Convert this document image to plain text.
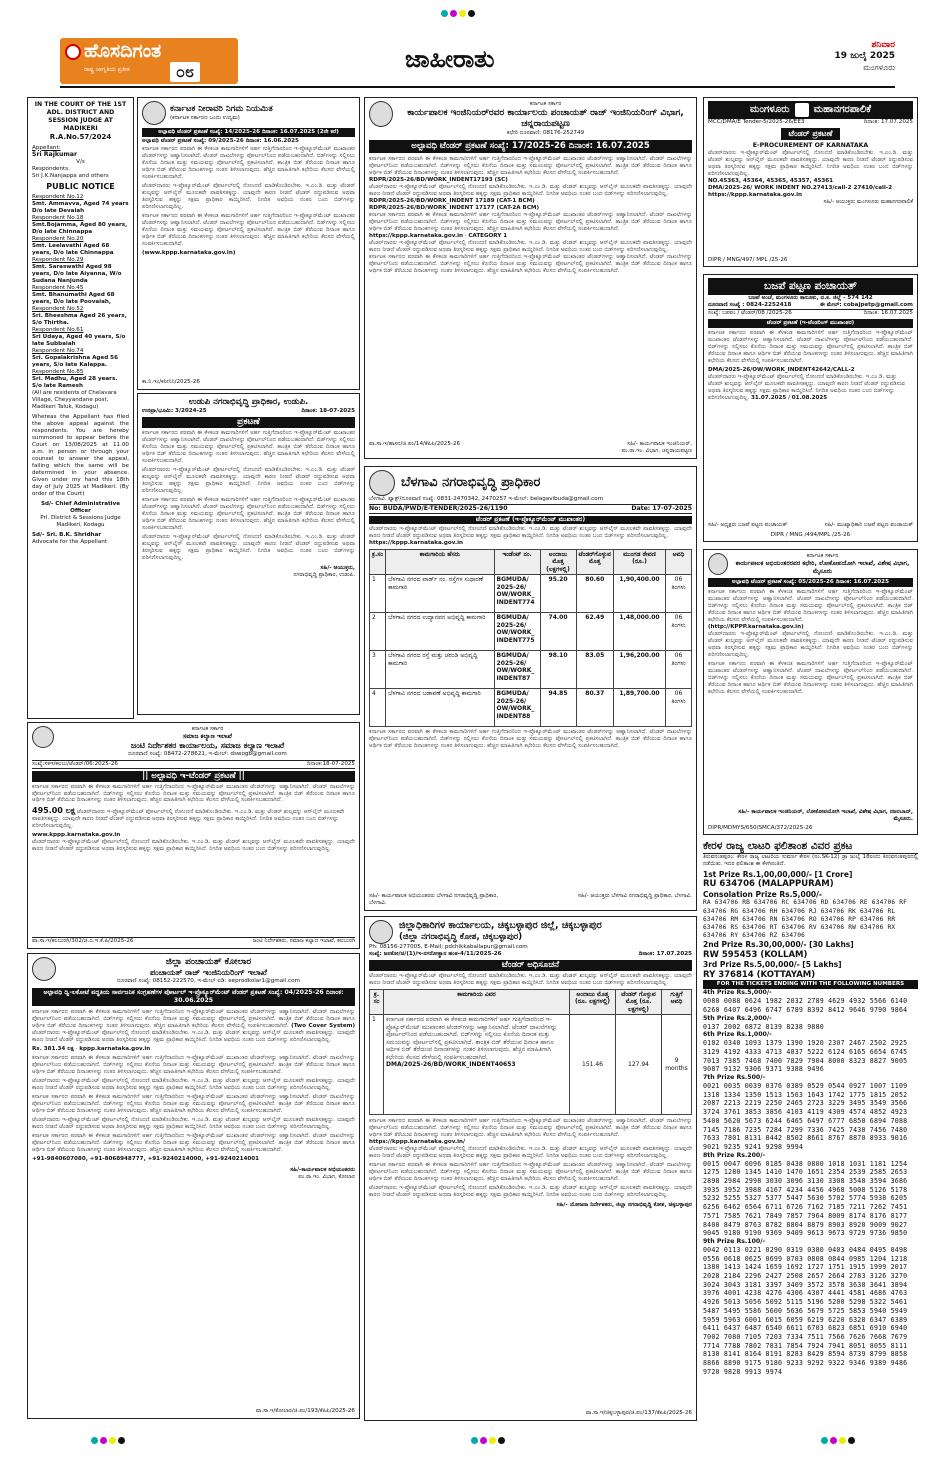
ಹೊಸದಿಗಂತ
ರಾಷ್ಟ್ರ ಜಾಗೃತಿಯ ಪ್ರತೀಕ	೦೮	ಜಾಹೀರಾತು	ಶನಿವಾರ
19 ಜುಲೈ 2025
ಮಂಗಳೂರು
IN THE COURT OF THE 1ST ADL. DISTRICT AND SESSION JUDGE AT MADIKERI
R.A.No.57/2024
Appellant:
Sri Rajkumar
V/s
Respondents.
Sri J.K.Nanjappa and others
PUBLIC NOTICE
Respondent No.12
Smt. Ammavva, Aged 74 years D/o late Devaiah
Respondent No.18
Smt.Bojamma, Aged 80 years, D/o late Chinnappa
Respondent No.20
Smt. Leelavathi Aged 68 years, D/o late Chinnappa
Respondent No.29
Smt. Saraswathi Aged 98 years, D/o late Aiyanna, W/o Sudana Nanjunda
Respondent No.45
Smt. Bhanumathi Aged 68 years, D/o late Poovaiah,
Respondent No.52
Sri. Bheeshma Aged 26 years, S/o Thirtha.
Respondent No.61
Sri Udaya, Aged 40 years, S/o late Subbaiah
Respondent No.74
Sri. Gopalakrishna Aged 56 years, S/o late Kalappa.
Respondent No.85
Sri. Madhu, Aged 28 years. S/o late Ramesh
(All are residents of Chelavara Village, Cheyyandane post, Madikeri Taluk, Kodagu)
Whereas the Appellant has filed the above appeal against the respondents. You are hereby summoned to appear before the Court on 13/08/2025 at 11.00 a.m. in person or through your counsel to answer the appeal, failing which the same will be determined in your absence. Given under my hand this 18th day of July 2025 at Madikeri. (By order of the Court)
Sd/- Chief Administrative Officer
Prl. District & Sessions Judge Madikeri, Kodagu
Sd/- Sri. B.K. Shridhar
Advocate for the Appellant
ಕರ್ನಾಟಕ ನೀರಾವರಿ ನಿಗಮ ನಿಯಮಿತ
(ಕರ್ನಾಟಕ ಸರ್ಕಾರದ ಒಂದು ಉದ್ಯಮ)
ಅಲ್ಪಾವಧಿ ಟೆಂಡರ್ ಪ್ರಕಟಣೆ ಸಂಖ್ಯೆ: 14/2025-26 ದಿನಾಂಕ: 16.07.2025 (2ನೇ ಕರೆ)
ಅಲ್ಪಾವಧಿ ಟೆಂಡರ್ ಪ್ರಕಟಣೆ ಸಂಖ್ಯೆ: 09/2025-26 ದಿನಾಂಕ: 16.06.2025
ಕರ್ನಾಟಕ ಸರ್ಕಾರದ ಪರವಾಗಿ ಈ ಕೆಳಕಂಡ ಕಾಮಗಾರಿಗಳಿಗೆ ಅರ್ಹ ಗುತ್ತಿಗೆದಾರರಿಂದ ಇ-ಪ್ರೊಕ್ಯೂರ್‌ಮೆಂಟ್ ಮುಖಾಂತರ ಟೆಂಡರ್‌ಗಳನ್ನು ಆಹ್ವಾನಿಸಲಾಗಿದೆ. ಟೆಂಡರ್ ದಾಖಲೆಗಳನ್ನು ಪೋರ್ಟಲ್‌ನಿಂದ ಪಡೆಯಬಹುದಾಗಿದೆ. ಬಿಡ್‌ಗಳನ್ನು ಸಲ್ಲಿಸಲು ಕೊನೆಯ ದಿನಾಂಕ ಮತ್ತು ಸಮಯವನ್ನು ಪೋರ್ಟಲ್‌ನಲ್ಲಿ ಪ್ರಕಟಿಸಲಾಗಿದೆ. ತಾಂತ್ರಿಕ ಬಿಡ್ ತೆರೆಯುವ ದಿನಾಂಕ ಹಾಗೂ ಆರ್ಥಿಕ ಬಿಡ್ ತೆರೆಯುವ ದಿನಾಂಕಗಳನ್ನು ನಂತರ ತಿಳಿಸಲಾಗುವುದು. ಹೆಚ್ಚಿನ ಮಾಹಿತಿಗಾಗಿ ಕಛೇರಿಯ ಕೆಲಸದ ವೇಳೆಯಲ್ಲಿ ಸಂಪರ್ಕಿಸಬಹುದಾಗಿದೆ.
ಟೆಂಡರ್‌ದಾರರು ಇ-ಪ್ರೊಕ್ಯೂರ್‌ಮೆಂಟ್ ಪೋರ್ಟಲ್‌ನಲ್ಲಿ ನೋಂದಣಿ ಮಾಡಿಕೊಂಡಿರಬೇಕು. ಇ.ಎಂ.ಡಿ. ಮತ್ತು ಟೆಂಡರ್ ಶುಲ್ಕವನ್ನು ಆನ್‌ಲೈನ್ ಮೂಲಕವೇ ಪಾವತಿಸತಕ್ಕದ್ದು. ಯಾವುದೇ ಕಾರಣ ನೀಡದೆ ಟೆಂಡರ್ ರದ್ದುಪಡಿಸುವ ಅಥವಾ ತಿರಸ್ಕರಿಸುವ ಹಕ್ಕನ್ನು ಸಕ್ಷಮ ಪ್ರಾಧಿಕಾರ ಕಾಯ್ದಿರಿಸಿದೆ. ನಿಗದಿತ ಅವಧಿಯ ನಂತರ ಬಂದ ಬಿಡ್‌ಗಳನ್ನು ಪರಿಗಣಿಸಲಾಗುವುದಿಲ್ಲ.
ಕರ್ನಾಟಕ ಸರ್ಕಾರದ ಪರವಾಗಿ ಈ ಕೆಳಕಂಡ ಕಾಮಗಾರಿಗಳಿಗೆ ಅರ್ಹ ಗುತ್ತಿಗೆದಾರರಿಂದ ಇ-ಪ್ರೊಕ್ಯೂರ್‌ಮೆಂಟ್ ಮುಖಾಂತರ ಟೆಂಡರ್‌ಗಳನ್ನು ಆಹ್ವಾನಿಸಲಾಗಿದೆ. ಟೆಂಡರ್ ದಾಖಲೆಗಳನ್ನು ಪೋರ್ಟಲ್‌ನಿಂದ ಪಡೆಯಬಹುದಾಗಿದೆ. ಬಿಡ್‌ಗಳನ್ನು ಸಲ್ಲಿಸಲು ಕೊನೆಯ ದಿನಾಂಕ ಮತ್ತು ಸಮಯವನ್ನು ಪೋರ್ಟಲ್‌ನಲ್ಲಿ ಪ್ರಕಟಿಸಲಾಗಿದೆ. ತಾಂತ್ರಿಕ ಬಿಡ್ ತೆರೆಯುವ ದಿನಾಂಕ ಹಾಗೂ ಆರ್ಥಿಕ ಬಿಡ್ ತೆರೆಯುವ ದಿನಾಂಕಗಳನ್ನು ನಂತರ ತಿಳಿಸಲಾಗುವುದು. ಹೆಚ್ಚಿನ ಮಾಹಿತಿಗಾಗಿ ಕಛೇರಿಯ ಕೆಲಸದ ವೇಳೆಯಲ್ಲಿ ಸಂಪರ್ಕಿಸಬಹುದಾಗಿದೆ.
(www.kppp.karnataka.gov.in)
ಕಾ.ನಿ.ಇಂ/ಕನೀನಿನಿ/2025-26
ಉಡುಪಿ ನಗರಾಭಿವೃದ್ಧಿ ಪ್ರಾಧಿಕಾರ, ಉಡುಪಿ.
ಉನಪ್ರಾ/ಭೂಮಿ: 3/2024-25	ದಿನಾಂಕ: 18-07-2025
ಪ್ರಕಟಣೆ
ಕರ್ನಾಟಕ ಸರ್ಕಾರದ ಪರವಾಗಿ ಈ ಕೆಳಕಂಡ ಕಾಮಗಾರಿಗಳಿಗೆ ಅರ್ಹ ಗುತ್ತಿಗೆದಾರರಿಂದ ಇ-ಪ್ರೊಕ್ಯೂರ್‌ಮೆಂಟ್ ಮುಖಾಂತರ ಟೆಂಡರ್‌ಗಳನ್ನು ಆಹ್ವಾನಿಸಲಾಗಿದೆ. ಟೆಂಡರ್ ದಾಖಲೆಗಳನ್ನು ಪೋರ್ಟಲ್‌ನಿಂದ ಪಡೆಯಬಹುದಾಗಿದೆ. ಬಿಡ್‌ಗಳನ್ನು ಸಲ್ಲಿಸಲು ಕೊನೆಯ ದಿನಾಂಕ ಮತ್ತು ಸಮಯವನ್ನು ಪೋರ್ಟಲ್‌ನಲ್ಲಿ ಪ್ರಕಟಿಸಲಾಗಿದೆ. ತಾಂತ್ರಿಕ ಬಿಡ್ ತೆರೆಯುವ ದಿನಾಂಕ ಹಾಗೂ ಆರ್ಥಿಕ ಬಿಡ್ ತೆರೆಯುವ ದಿನಾಂಕಗಳನ್ನು ನಂತರ ತಿಳಿಸಲಾಗುವುದು. ಹೆಚ್ಚಿನ ಮಾಹಿತಿಗಾಗಿ ಕಛೇರಿಯ ಕೆಲಸದ ವೇಳೆಯಲ್ಲಿ ಸಂಪರ್ಕಿಸಬಹುದಾಗಿದೆ.
ಟೆಂಡರ್‌ದಾರರು ಇ-ಪ್ರೊಕ್ಯೂರ್‌ಮೆಂಟ್ ಪೋರ್ಟಲ್‌ನಲ್ಲಿ ನೋಂದಣಿ ಮಾಡಿಕೊಂಡಿರಬೇಕು. ಇ.ಎಂ.ಡಿ. ಮತ್ತು ಟೆಂಡರ್ ಶುಲ್ಕವನ್ನು ಆನ್‌ಲೈನ್ ಮೂಲಕವೇ ಪಾವತಿಸತಕ್ಕದ್ದು. ಯಾವುದೇ ಕಾರಣ ನೀಡದೆ ಟೆಂಡರ್ ರದ್ದುಪಡಿಸುವ ಅಥವಾ ತಿರಸ್ಕರಿಸುವ ಹಕ್ಕನ್ನು ಸಕ್ಷಮ ಪ್ರಾಧಿಕಾರ ಕಾಯ್ದಿರಿಸಿದೆ. ನಿಗದಿತ ಅವಧಿಯ ನಂತರ ಬಂದ ಬಿಡ್‌ಗಳನ್ನು ಪರಿಗಣಿಸಲಾಗುವುದಿಲ್ಲ.
ಕರ್ನಾಟಕ ಸರ್ಕಾರದ ಪರವಾಗಿ ಈ ಕೆಳಕಂಡ ಕಾಮಗಾರಿಗಳಿಗೆ ಅರ್ಹ ಗುತ್ತಿಗೆದಾರರಿಂದ ಇ-ಪ್ರೊಕ್ಯೂರ್‌ಮೆಂಟ್ ಮುಖಾಂತರ ಟೆಂಡರ್‌ಗಳನ್ನು ಆಹ್ವಾನಿಸಲಾಗಿದೆ. ಟೆಂಡರ್ ದಾಖಲೆಗಳನ್ನು ಪೋರ್ಟಲ್‌ನಿಂದ ಪಡೆಯಬಹುದಾಗಿದೆ. ಬಿಡ್‌ಗಳನ್ನು ಸಲ್ಲಿಸಲು ಕೊನೆಯ ದಿನಾಂಕ ಮತ್ತು ಸಮಯವನ್ನು ಪೋರ್ಟಲ್‌ನಲ್ಲಿ ಪ್ರಕಟಿಸಲಾಗಿದೆ. ತಾಂತ್ರಿಕ ಬಿಡ್ ತೆರೆಯುವ ದಿನಾಂಕ ಹಾಗೂ ಆರ್ಥಿಕ ಬಿಡ್ ತೆರೆಯುವ ದಿನಾಂಕಗಳನ್ನು ನಂತರ ತಿಳಿಸಲಾಗುವುದು. ಹೆಚ್ಚಿನ ಮಾಹಿತಿಗಾಗಿ ಕಛೇರಿಯ ಕೆಲಸದ ವೇಳೆಯಲ್ಲಿ ಸಂಪರ್ಕಿಸಬಹುದಾಗಿದೆ.
ಟೆಂಡರ್‌ದಾರರು ಇ-ಪ್ರೊಕ್ಯೂರ್‌ಮೆಂಟ್ ಪೋರ್ಟಲ್‌ನಲ್ಲಿ ನೋಂದಣಿ ಮಾಡಿಕೊಂಡಿರಬೇಕು. ಇ.ಎಂ.ಡಿ. ಮತ್ತು ಟೆಂಡರ್ ಶುಲ್ಕವನ್ನು ಆನ್‌ಲೈನ್ ಮೂಲಕವೇ ಪಾವತಿಸತಕ್ಕದ್ದು. ಯಾವುದೇ ಕಾರಣ ನೀಡದೆ ಟೆಂಡರ್ ರದ್ದುಪಡಿಸುವ ಅಥವಾ ತಿರಸ್ಕರಿಸುವ ಹಕ್ಕನ್ನು ಸಕ್ಷಮ ಪ್ರಾಧಿಕಾರ ಕಾಯ್ದಿರಿಸಿದೆ. ನಿಗದಿತ ಅವಧಿಯ ನಂತರ ಬಂದ ಬಿಡ್‌ಗಳನ್ನು ಪರಿಗಣಿಸಲಾಗುವುದಿಲ್ಲ.
ಸಹಿ/- ಆಯುಕ್ತರು,
ನಗರಾಭಿವೃದ್ಧಿ ಪ್ರಾಧಿಕಾರ, ಉಡುಪಿ.
ಕರ್ನಾಟಕ ಸರ್ಕಾರ
ಸಮಾಜ ಕಲ್ಯಾಣ ಇಲಾಖೆ
ಜಂಟಿ ನಿರ್ದೇಶಕರ ಕಾರ್ಯಾಲಯ, ಸಮಾಜ ಕಲ್ಯಾಣ ಇಲಾಖೆ
ದೂರವಾಣಿ ಸಂಖ್ಯೆ: 08472-278621, ಇ-ಮೇಲ್: dswogb@gmail.com
ಸಂಖ್ಯೆ:ಸಕಇ/ಕಲಬು/ಟೆಂಡರ್/06:2025-26	ದಿನಾಂಕ:18-07-2025
|| ಅಲ್ಪಾವಧಿ ಇ-ಟೆಂಡರ್ ಪ್ರಕಟಣೆ ||
ಕರ್ನಾಟಕ ಸರ್ಕಾರದ ಪರವಾಗಿ ಈ ಕೆಳಕಂಡ ಕಾಮಗಾರಿಗಳಿಗೆ ಅರ್ಹ ಗುತ್ತಿಗೆದಾರರಿಂದ ಇ-ಪ್ರೊಕ್ಯೂರ್‌ಮೆಂಟ್ ಮುಖಾಂತರ ಟೆಂಡರ್‌ಗಳನ್ನು ಆಹ್ವಾನಿಸಲಾಗಿದೆ. ಟೆಂಡರ್ ದಾಖಲೆಗಳನ್ನು ಪೋರ್ಟಲ್‌ನಿಂದ ಪಡೆಯಬಹುದಾಗಿದೆ. ಬಿಡ್‌ಗಳನ್ನು ಸಲ್ಲಿಸಲು ಕೊನೆಯ ದಿನಾಂಕ ಮತ್ತು ಸಮಯವನ್ನು ಪೋರ್ಟಲ್‌ನಲ್ಲಿ ಪ್ರಕಟಿಸಲಾಗಿದೆ. ತಾಂತ್ರಿಕ ಬಿಡ್ ತೆರೆಯುವ ದಿನಾಂಕ ಹಾಗೂ ಆರ್ಥಿಕ ಬಿಡ್ ತೆರೆಯುವ ದಿನಾಂಕಗಳನ್ನು ನಂತರ ತಿಳಿಸಲಾಗುವುದು. ಹೆಚ್ಚಿನ ಮಾಹಿತಿಗಾಗಿ ಕಛೇರಿಯ ಕೆಲಸದ ವೇಳೆಯಲ್ಲಿ ಸಂಪರ್ಕಿಸಬಹುದಾಗಿದೆ.
495.00 ಲಕ್ಷ ಟೆಂಡರ್‌ದಾರರು ಇ-ಪ್ರೊಕ್ಯೂರ್‌ಮೆಂಟ್ ಪೋರ್ಟಲ್‌ನಲ್ಲಿ ನೋಂದಣಿ ಮಾಡಿಕೊಂಡಿರಬೇಕು. ಇ.ಎಂ.ಡಿ. ಮತ್ತು ಟೆಂಡರ್ ಶುಲ್ಕವನ್ನು ಆನ್‌ಲೈನ್ ಮೂಲಕವೇ ಪಾವತಿಸತಕ್ಕದ್ದು. ಯಾವುದೇ ಕಾರಣ ನೀಡದೆ ಟೆಂಡರ್ ರದ್ದುಪಡಿಸುವ ಅಥವಾ ತಿರಸ್ಕರಿಸುವ ಹಕ್ಕನ್ನು ಸಕ್ಷಮ ಪ್ರಾಧಿಕಾರ ಕಾಯ್ದಿರಿಸಿದೆ. ನಿಗದಿತ ಅವಧಿಯ ನಂತರ ಬಂದ ಬಿಡ್‌ಗಳನ್ನು ಪರಿಗಣಿಸಲಾಗುವುದಿಲ್ಲ.
www.kppp.karnataka.gov.in
ಟೆಂಡರ್‌ದಾರರು ಇ-ಪ್ರೊಕ್ಯೂರ್‌ಮೆಂಟ್ ಪೋರ್ಟಲ್‌ನಲ್ಲಿ ನೋಂದಣಿ ಮಾಡಿಕೊಂಡಿರಬೇಕು. ಇ.ಎಂ.ಡಿ. ಮತ್ತು ಟೆಂಡರ್ ಶುಲ್ಕವನ್ನು ಆನ್‌ಲೈನ್ ಮೂಲಕವೇ ಪಾವತಿಸತಕ್ಕದ್ದು. ಯಾವುದೇ ಕಾರಣ ನೀಡದೆ ಟೆಂಡರ್ ರದ್ದುಪಡಿಸುವ ಅಥವಾ ತಿರಸ್ಕರಿಸುವ ಹಕ್ಕನ್ನು ಸಕ್ಷಮ ಪ್ರಾಧಿಕಾರ ಕಾಯ್ದಿರಿಸಿದೆ. ನಿಗದಿತ ಅವಧಿಯ ನಂತರ ಬಂದ ಬಿಡ್‌ಗಳನ್ನು ಪರಿಗಣಿಸಲಾಗುವುದಿಲ್ಲ.
ವಾ.ಸಾ.ಇ/ಕಲಬುರಗಿ/302/ಜಿ.ಎ.ಇ.ಕೆ.ಪಿ/2025-26	ಜಂಟಿ ನಿರ್ದೇಶಕರು, ಸಮಾಜ ಕಲ್ಯಾಣ ಇಲಾಖೆ, ಕಲಬುರಗಿ
ಜಿಲ್ಲಾ ಪಂಚಾಯತ್ ಕೋಲಾರ
ಪಂಚಾಯತ್ ರಾಜ್ ಇಂಜಿನಿಯರಿಂಗ್ ಇಲಾಖೆ
ದೂರವಾಣಿ ಸಂಖ್ಯೆ: 08152-222570, ಇ-ಮೇಲ್ ಐಡಿ: eeprodkolar1@gmail.com
ಅಲ್ಪಾವಧಿ ದ್ವಿ-ಲಕೋಟೆ ಪದ್ಧತಿಯ ಸಾರ್ವಜನಿಕ ಸಂಗ್ರಹಣೆಗಳ ಪೋರ್ಟಲ್ ಇ-ಪ್ರೊಕ್ಯೂರ್‌ಮೆಂಟ್ ಟೆಂಡರ್ ಪ್ರಕಟಣೆ ಸಂಖ್ಯೆ: 04/2025-26 ದಿನಾಂಕ: 30.06.2025
ಕರ್ನಾಟಕ ಸರ್ಕಾರದ ಪರವಾಗಿ ಈ ಕೆಳಕಂಡ ಕಾಮಗಾರಿಗಳಿಗೆ ಅರ್ಹ ಗುತ್ತಿಗೆದಾರರಿಂದ ಇ-ಪ್ರೊಕ್ಯೂರ್‌ಮೆಂಟ್ ಮುಖಾಂತರ ಟೆಂಡರ್‌ಗಳನ್ನು ಆಹ್ವಾನಿಸಲಾಗಿದೆ. ಟೆಂಡರ್ ದಾಖಲೆಗಳನ್ನು ಪೋರ್ಟಲ್‌ನಿಂದ ಪಡೆಯಬಹುದಾಗಿದೆ. ಬಿಡ್‌ಗಳನ್ನು ಸಲ್ಲಿಸಲು ಕೊನೆಯ ದಿನಾಂಕ ಮತ್ತು ಸಮಯವನ್ನು ಪೋರ್ಟಲ್‌ನಲ್ಲಿ ಪ್ರಕಟಿಸಲಾಗಿದೆ. ತಾಂತ್ರಿಕ ಬಿಡ್ ತೆರೆಯುವ ದಿನಾಂಕ ಹಾಗೂ ಆರ್ಥಿಕ ಬಿಡ್ ತೆರೆಯುವ ದಿನಾಂಕಗಳನ್ನು ನಂತರ ತಿಳಿಸಲಾಗುವುದು. ಹೆಚ್ಚಿನ ಮಾಹಿತಿಗಾಗಿ ಕಛೇರಿಯ ಕೆಲಸದ ವೇಳೆಯಲ್ಲಿ ಸಂಪರ್ಕಿಸಬಹುದಾಗಿದೆ. (Two Cover System) ಟೆಂಡರ್‌ದಾರರು ಇ-ಪ್ರೊಕ್ಯೂರ್‌ಮೆಂಟ್ ಪೋರ್ಟಲ್‌ನಲ್ಲಿ ನೋಂದಣಿ ಮಾಡಿಕೊಂಡಿರಬೇಕು. ಇ.ಎಂ.ಡಿ. ಮತ್ತು ಟೆಂಡರ್ ಶುಲ್ಕವನ್ನು ಆನ್‌ಲೈನ್ ಮೂಲಕವೇ ಪಾವತಿಸತಕ್ಕದ್ದು. ಯಾವುದೇ ಕಾರಣ ನೀಡದೆ ಟೆಂಡರ್ ರದ್ದುಪಡಿಸುವ ಅಥವಾ ತಿರಸ್ಕರಿಸುವ ಹಕ್ಕನ್ನು ಸಕ್ಷಮ ಪ್ರಾಧಿಕಾರ ಕಾಯ್ದಿರಿಸಿದೆ. ನಿಗದಿತ ಅವಧಿಯ ನಂತರ ಬಂದ ಬಿಡ್‌ಗಳನ್ನು ಪರಿಗಣಿಸಲಾಗುವುದಿಲ್ಲ.
Rs. 381.34 ಲಕ್ಷ · kppp.karnataka.gov.in
ಕರ್ನಾಟಕ ಸರ್ಕಾರದ ಪರವಾಗಿ ಈ ಕೆಳಕಂಡ ಕಾಮಗಾರಿಗಳಿಗೆ ಅರ್ಹ ಗುತ್ತಿಗೆದಾರರಿಂದ ಇ-ಪ್ರೊಕ್ಯೂರ್‌ಮೆಂಟ್ ಮುಖಾಂತರ ಟೆಂಡರ್‌ಗಳನ್ನು ಆಹ್ವಾನಿಸಲಾಗಿದೆ. ಟೆಂಡರ್ ದಾಖಲೆಗಳನ್ನು ಪೋರ್ಟಲ್‌ನಿಂದ ಪಡೆಯಬಹುದಾಗಿದೆ. ಬಿಡ್‌ಗಳನ್ನು ಸಲ್ಲಿಸಲು ಕೊನೆಯ ದಿನಾಂಕ ಮತ್ತು ಸಮಯವನ್ನು ಪೋರ್ಟಲ್‌ನಲ್ಲಿ ಪ್ರಕಟಿಸಲಾಗಿದೆ. ತಾಂತ್ರಿಕ ಬಿಡ್ ತೆರೆಯುವ ದಿನಾಂಕ ಹಾಗೂ ಆರ್ಥಿಕ ಬಿಡ್ ತೆರೆಯುವ ದಿನಾಂಕಗಳನ್ನು ನಂತರ ತಿಳಿಸಲಾಗುವುದು. ಹೆಚ್ಚಿನ ಮಾಹಿತಿಗಾಗಿ ಕಛೇರಿಯ ಕೆಲಸದ ವೇಳೆಯಲ್ಲಿ ಸಂಪರ್ಕಿಸಬಹುದಾಗಿದೆ.
ಟೆಂಡರ್‌ದಾರರು ಇ-ಪ್ರೊಕ್ಯೂರ್‌ಮೆಂಟ್ ಪೋರ್ಟಲ್‌ನಲ್ಲಿ ನೋಂದಣಿ ಮಾಡಿಕೊಂಡಿರಬೇಕು. ಇ.ಎಂ.ಡಿ. ಮತ್ತು ಟೆಂಡರ್ ಶುಲ್ಕವನ್ನು ಆನ್‌ಲೈನ್ ಮೂಲಕವೇ ಪಾವತಿಸತಕ್ಕದ್ದು. ಯಾವುದೇ ಕಾರಣ ನೀಡದೆ ಟೆಂಡರ್ ರದ್ದುಪಡಿಸುವ ಅಥವಾ ತಿರಸ್ಕರಿಸುವ ಹಕ್ಕನ್ನು ಸಕ್ಷಮ ಪ್ರಾಧಿಕಾರ ಕಾಯ್ದಿರಿಸಿದೆ. ನಿಗದಿತ ಅವಧಿಯ ನಂತರ ಬಂದ ಬಿಡ್‌ಗಳನ್ನು ಪರಿಗಣಿಸಲಾಗುವುದಿಲ್ಲ.
ಕರ್ನಾಟಕ ಸರ್ಕಾರದ ಪರವಾಗಿ ಈ ಕೆಳಕಂಡ ಕಾಮಗಾರಿಗಳಿಗೆ ಅರ್ಹ ಗುತ್ತಿಗೆದಾರರಿಂದ ಇ-ಪ್ರೊಕ್ಯೂರ್‌ಮೆಂಟ್ ಮುಖಾಂತರ ಟೆಂಡರ್‌ಗಳನ್ನು ಆಹ್ವಾನಿಸಲಾಗಿದೆ. ಟೆಂಡರ್ ದಾಖಲೆಗಳನ್ನು ಪೋರ್ಟಲ್‌ನಿಂದ ಪಡೆಯಬಹುದಾಗಿದೆ. ಬಿಡ್‌ಗಳನ್ನು ಸಲ್ಲಿಸಲು ಕೊನೆಯ ದಿನಾಂಕ ಮತ್ತು ಸಮಯವನ್ನು ಪೋರ್ಟಲ್‌ನಲ್ಲಿ ಪ್ರಕಟಿಸಲಾಗಿದೆ. ತಾಂತ್ರಿಕ ಬಿಡ್ ತೆರೆಯುವ ದಿನಾಂಕ ಹಾಗೂ ಆರ್ಥಿಕ ಬಿಡ್ ತೆರೆಯುವ ದಿನಾಂಕಗಳನ್ನು ನಂತರ ತಿಳಿಸಲಾಗುವುದು. ಹೆಚ್ಚಿನ ಮಾಹಿತಿಗಾಗಿ ಕಛೇರಿಯ ಕೆಲಸದ ವೇಳೆಯಲ್ಲಿ ಸಂಪರ್ಕಿಸಬಹುದಾಗಿದೆ.
ಟೆಂಡರ್‌ದಾರರು ಇ-ಪ್ರೊಕ್ಯೂರ್‌ಮೆಂಟ್ ಪೋರ್ಟಲ್‌ನಲ್ಲಿ ನೋಂದಣಿ ಮಾಡಿಕೊಂಡಿರಬೇಕು. ಇ.ಎಂ.ಡಿ. ಮತ್ತು ಟೆಂಡರ್ ಶುಲ್ಕವನ್ನು ಆನ್‌ಲೈನ್ ಮೂಲಕವೇ ಪಾವತಿಸತಕ್ಕದ್ದು. ಯಾವುದೇ ಕಾರಣ ನೀಡದೆ ಟೆಂಡರ್ ರದ್ದುಪಡಿಸುವ ಅಥವಾ ತಿರಸ್ಕರಿಸುವ ಹಕ್ಕನ್ನು ಸಕ್ಷಮ ಪ್ರಾಧಿಕಾರ ಕಾಯ್ದಿರಿಸಿದೆ. ನಿಗದಿತ ಅವಧಿಯ ನಂತರ ಬಂದ ಬಿಡ್‌ಗಳನ್ನು ಪರಿಗಣಿಸಲಾಗುವುದಿಲ್ಲ.
ಕರ್ನಾಟಕ ಸರ್ಕಾರದ ಪರವಾಗಿ ಈ ಕೆಳಕಂಡ ಕಾಮಗಾರಿಗಳಿಗೆ ಅರ್ಹ ಗುತ್ತಿಗೆದಾರರಿಂದ ಇ-ಪ್ರೊಕ್ಯೂರ್‌ಮೆಂಟ್ ಮುಖಾಂತರ ಟೆಂಡರ್‌ಗಳನ್ನು ಆಹ್ವಾನಿಸಲಾಗಿದೆ. ಟೆಂಡರ್ ದಾಖಲೆಗಳನ್ನು ಪೋರ್ಟಲ್‌ನಿಂದ ಪಡೆಯಬಹುದಾಗಿದೆ. ಬಿಡ್‌ಗಳನ್ನು ಸಲ್ಲಿಸಲು ಕೊನೆಯ ದಿನಾಂಕ ಮತ್ತು ಸಮಯವನ್ನು ಪೋರ್ಟಲ್‌ನಲ್ಲಿ ಪ್ರಕಟಿಸಲಾಗಿದೆ. ತಾಂತ್ರಿಕ ಬಿಡ್ ತೆರೆಯುವ ದಿನಾಂಕ ಹಾಗೂ ಆರ್ಥಿಕ ಬಿಡ್ ತೆರೆಯುವ ದಿನಾಂಕಗಳನ್ನು ನಂತರ ತಿಳಿಸಲಾಗುವುದು. ಹೆಚ್ಚಿನ ಮಾಹಿತಿಗಾಗಿ ಕಛೇರಿಯ ಕೆಲಸದ ವೇಳೆಯಲ್ಲಿ ಸಂಪರ್ಕಿಸಬಹುದಾಗಿದೆ.
+91-9840607080, +91-8068948777, +91-9240214000, +91-9240214001
ಸಹಿ/-ಕಾರ್ಯಪಾಲಕ ಅಭಿಯಂತರರು
ಪಂ.ರಾ.ಇಂ. ವಿಭಾಗ, ಕೋಲಾರ
ವಾ.ಸಾ.ಇ/ಕೋಲಾರ/ಜಿ.ಪಂ/193/ಕೆಪಿಪಿ/2025-26
ಕರ್ನಾಟಕ ಸರ್ಕಾರ
ಕಾರ್ಯಪಾಲಕ ಇಂಜಿನಿಯರ್‌ರವರ ಕಾರ್ಯಾಲಯ ಪಂಚಾಯತ್ ರಾಜ್ ಇಂಜಿನಿಯರಿಂಗ್ ವಿಭಾಗ, ಚನ್ನರಾಯಪಟ್ಟಣ
ಕಛೇರಿ ದೂರವಾಣಿ: 08176-252749
ಅಲ್ಪಾವಧಿ ಟೆಂಡರ್ ಪ್ರಕಟಣೆ ಸಂಖ್ಯೆ: 17/2025-26 ದಿನಾಂಕ: 16.07.2025
ಕರ್ನಾಟಕ ಸರ್ಕಾರದ ಪರವಾಗಿ ಈ ಕೆಳಕಂಡ ಕಾಮಗಾರಿಗಳಿಗೆ ಅರ್ಹ ಗುತ್ತಿಗೆದಾರರಿಂದ ಇ-ಪ್ರೊಕ್ಯೂರ್‌ಮೆಂಟ್ ಮುಖಾಂತರ ಟೆಂಡರ್‌ಗಳನ್ನು ಆಹ್ವಾನಿಸಲಾಗಿದೆ. ಟೆಂಡರ್ ದಾಖಲೆಗಳನ್ನು ಪೋರ್ಟಲ್‌ನಿಂದ ಪಡೆಯಬಹುದಾಗಿದೆ. ಬಿಡ್‌ಗಳನ್ನು ಸಲ್ಲಿಸಲು ಕೊನೆಯ ದಿನಾಂಕ ಮತ್ತು ಸಮಯವನ್ನು ಪೋರ್ಟಲ್‌ನಲ್ಲಿ ಪ್ರಕಟಿಸಲಾಗಿದೆ. ತಾಂತ್ರಿಕ ಬಿಡ್ ತೆರೆಯುವ ದಿನಾಂಕ ಹಾಗೂ ಆರ್ಥಿಕ ಬಿಡ್ ತೆರೆಯುವ ದಿನಾಂಕಗಳನ್ನು ನಂತರ ತಿಳಿಸಲಾಗುವುದು. ಹೆಚ್ಚಿನ ಮಾಹಿತಿಗಾಗಿ ಕಛೇರಿಯ ಕೆಲಸದ ವೇಳೆಯಲ್ಲಿ ಸಂಪರ್ಕಿಸಬಹುದಾಗಿದೆ.
RDPR/2025-26/BD/WORK_INDENT17193 (SC)
ಟೆಂಡರ್‌ದಾರರು ಇ-ಪ್ರೊಕ್ಯೂರ್‌ಮೆಂಟ್ ಪೋರ್ಟಲ್‌ನಲ್ಲಿ ನೋಂದಣಿ ಮಾಡಿಕೊಂಡಿರಬೇಕು. ಇ.ಎಂ.ಡಿ. ಮತ್ತು ಟೆಂಡರ್ ಶುಲ್ಕವನ್ನು ಆನ್‌ಲೈನ್ ಮೂಲಕವೇ ಪಾವತಿಸತಕ್ಕದ್ದು. ಯಾವುದೇ ಕಾರಣ ನೀಡದೆ ಟೆಂಡರ್ ರದ್ದುಪಡಿಸುವ ಅಥವಾ ತಿರಸ್ಕರಿಸುವ ಹಕ್ಕನ್ನು ಸಕ್ಷಮ ಪ್ರಾಧಿಕಾರ ಕಾಯ್ದಿರಿಸಿದೆ. ನಿಗದಿತ ಅವಧಿಯ ನಂತರ ಬಂದ ಬಿಡ್‌ಗಳನ್ನು ಪರಿಗಣಿಸಲಾಗುವುದಿಲ್ಲ.
RDPR/2025-26/BD/WORK_INDENT 17189 (CAT-1 BCM)
RDPR/2025-26/BD/WORK_INDENT 17177 (CAT-2A BCM)
ಕರ್ನಾಟಕ ಸರ್ಕಾರದ ಪರವಾಗಿ ಈ ಕೆಳಕಂಡ ಕಾಮಗಾರಿಗಳಿಗೆ ಅರ್ಹ ಗುತ್ತಿಗೆದಾರರಿಂದ ಇ-ಪ್ರೊಕ್ಯೂರ್‌ಮೆಂಟ್ ಮುಖಾಂತರ ಟೆಂಡರ್‌ಗಳನ್ನು ಆಹ್ವಾನಿಸಲಾಗಿದೆ. ಟೆಂಡರ್ ದಾಖಲೆಗಳನ್ನು ಪೋರ್ಟಲ್‌ನಿಂದ ಪಡೆಯಬಹುದಾಗಿದೆ. ಬಿಡ್‌ಗಳನ್ನು ಸಲ್ಲಿಸಲು ಕೊನೆಯ ದಿನಾಂಕ ಮತ್ತು ಸಮಯವನ್ನು ಪೋರ್ಟಲ್‌ನಲ್ಲಿ ಪ್ರಕಟಿಸಲಾಗಿದೆ. ತಾಂತ್ರಿಕ ಬಿಡ್ ತೆರೆಯುವ ದಿನಾಂಕ ಹಾಗೂ ಆರ್ಥಿಕ ಬಿಡ್ ತೆರೆಯುವ ದಿನಾಂಕಗಳನ್ನು ನಂತರ ತಿಳಿಸಲಾಗುವುದು. ಹೆಚ್ಚಿನ ಮಾಹಿತಿಗಾಗಿ ಕಛೇರಿಯ ಕೆಲಸದ ವೇಳೆಯಲ್ಲಿ ಸಂಪರ್ಕಿಸಬಹುದಾಗಿದೆ.
https://kppp.karnataka.gov.in · CATEGORY 1
ಟೆಂಡರ್‌ದಾರರು ಇ-ಪ್ರೊಕ್ಯೂರ್‌ಮೆಂಟ್ ಪೋರ್ಟಲ್‌ನಲ್ಲಿ ನೋಂದಣಿ ಮಾಡಿಕೊಂಡಿರಬೇಕು. ಇ.ಎಂ.ಡಿ. ಮತ್ತು ಟೆಂಡರ್ ಶುಲ್ಕವನ್ನು ಆನ್‌ಲೈನ್ ಮೂಲಕವೇ ಪಾವತಿಸತಕ್ಕದ್ದು. ಯಾವುದೇ ಕಾರಣ ನೀಡದೆ ಟೆಂಡರ್ ರದ್ದುಪಡಿಸುವ ಅಥವಾ ತಿರಸ್ಕರಿಸುವ ಹಕ್ಕನ್ನು ಸಕ್ಷಮ ಪ್ರಾಧಿಕಾರ ಕಾಯ್ದಿರಿಸಿದೆ. ನಿಗದಿತ ಅವಧಿಯ ನಂತರ ಬಂದ ಬಿಡ್‌ಗಳನ್ನು ಪರಿಗಣಿಸಲಾಗುವುದಿಲ್ಲ.
ಕರ್ನಾಟಕ ಸರ್ಕಾರದ ಪರವಾಗಿ ಈ ಕೆಳಕಂಡ ಕಾಮಗಾರಿಗಳಿಗೆ ಅರ್ಹ ಗುತ್ತಿಗೆದಾರರಿಂದ ಇ-ಪ್ರೊಕ್ಯೂರ್‌ಮೆಂಟ್ ಮುಖಾಂತರ ಟೆಂಡರ್‌ಗಳನ್ನು ಆಹ್ವಾನಿಸಲಾಗಿದೆ. ಟೆಂಡರ್ ದಾಖಲೆಗಳನ್ನು ಪೋರ್ಟಲ್‌ನಿಂದ ಪಡೆಯಬಹುದಾಗಿದೆ. ಬಿಡ್‌ಗಳನ್ನು ಸಲ್ಲಿಸಲು ಕೊನೆಯ ದಿನಾಂಕ ಮತ್ತು ಸಮಯವನ್ನು ಪೋರ್ಟಲ್‌ನಲ್ಲಿ ಪ್ರಕಟಿಸಲಾಗಿದೆ. ತಾಂತ್ರಿಕ ಬಿಡ್ ತೆರೆಯುವ ದಿನಾಂಕ ಹಾಗೂ ಆರ್ಥಿಕ ಬಿಡ್ ತೆರೆಯುವ ದಿನಾಂಕಗಳನ್ನು ನಂತರ ತಿಳಿಸಲಾಗುವುದು. ಹೆಚ್ಚಿನ ಮಾಹಿತಿಗಾಗಿ ಕಛೇರಿಯ ಕೆಲಸದ ವೇಳೆಯಲ್ಲಿ ಸಂಪರ್ಕಿಸಬಹುದಾಗಿದೆ.
ವಾ.ಸಾ.ಇ/ಹಾಸನ/ಜಿ.ಪಂ/14/ಕೆಪಿಪಿ/2025-26	ಸಹಿ/- ಕಾರ್ಯಪಾಲಕ ಇಂಜಿನಿಯರ್,
ಪಂ.ರಾ.ಇಂ. ವಿಭಾಗ, ಚನ್ನರಾಯಪಟ್ಟಣ
ಬೆಳಗಾವಿ ನಗರಾಭಿವೃದ್ಧಿ ಪ್ರಾಧಿಕಾರ
ಬೆಳಗಾವಿ. ಫ್ಯಾಕ್ಸ್/ದೂರವಾಣಿ ಸಂಖ್ಯೆ: 0831-2470342, 2470257 ಇ-ಮೇಲ್: belagavibuda@gmail.com
No: BUDA/PWD/E-TENDER/2025-26/1190	Date: 17-07-2025
ಟೆಂಡರ್ ಪ್ರಕಟಣೆ (ಇ-ಪ್ರೊಕ್ಯೂರ್‌ಮೆಂಟ್ ಮುಖಾಂತರ)
ಟೆಂಡರ್‌ದಾರರು ಇ-ಪ್ರೊಕ್ಯೂರ್‌ಮೆಂಟ್ ಪೋರ್ಟಲ್‌ನಲ್ಲಿ ನೋಂದಣಿ ಮಾಡಿಕೊಂಡಿರಬೇಕು. ಇ.ಎಂ.ಡಿ. ಮತ್ತು ಟೆಂಡರ್ ಶುಲ್ಕವನ್ನು ಆನ್‌ಲೈನ್ ಮೂಲಕವೇ ಪಾವತಿಸತಕ್ಕದ್ದು. ಯಾವುದೇ ಕಾರಣ ನೀಡದೆ ಟೆಂಡರ್ ರದ್ದುಪಡಿಸುವ ಅಥವಾ ತಿರಸ್ಕರಿಸುವ ಹಕ್ಕನ್ನು ಸಕ್ಷಮ ಪ್ರಾಧಿಕಾರ ಕಾಯ್ದಿರಿಸಿದೆ. ನಿಗದಿತ ಅವಧಿಯ ನಂತರ ಬಂದ ಬಿಡ್‌ಗಳನ್ನು ಪರಿಗಣಿಸಲಾಗುವುದಿಲ್ಲ.
https://kppp.karnataka.gov.in
ಕ್ರ.ಸಂ	ಕಾಮಗಾರಿಯ ಹೆಸರು	ಇಂಡೆಂಟ್ ನಂ.	ಅಂದಾಜು ಮೊತ್ತ (ಲಕ್ಷಗಳಲ್ಲಿ)	ಟೆಂಡರ್‌ಗೊಳ್ಳುವ ಮೊತ್ತ	ಮುಂಗಡ ಠೇವಣಿ (ರೂ.)	ಅವಧಿ
1	ಬೆಳಗಾವಿ ನಗರದ ವಾರ್ಡ್ ನಂ. ರಸ್ತೆಗಳ ಸುಧಾರಣೆ ಕಾಮಗಾರಿ	BGMUDA/ 2025-26/ OW/WORK_ INDENT774	95.20	80.60	1,90,400.00	06 ತಿಂಗಳು
2	ಬೆಳಗಾವಿ ನಗರದ ಉದ್ಯಾನವನ ಅಭಿವೃದ್ಧಿ ಕಾಮಗಾರಿ	BGMUDA/ 2025-26/ OW/WORK_ INDENT775	74.00	62.49	1,48,000.00	06 ತಿಂಗಳು
3	ಬೆಳಗಾವಿ ನಗರದ ರಸ್ತೆ ಮತ್ತು ಚರಂಡಿ ಅಭಿವೃದ್ಧಿ ಕಾಮಗಾರಿ	BGMUDA/ 2025-26/ OW/WORK_ INDENT87	98.10	83.05	1,96,200.00	06 ತಿಂಗಳು
4	ಬೆಳಗಾವಿ ನಗರದ ಬಡಾವಣೆ ಅಭಿವೃದ್ಧಿ ಕಾಮಗಾರಿ	BGMUDA/ 2025-26/ OW/WORK_ INDENT88	94.85	80.37	1,89,700.00	06 ತಿಂಗಳು
ಕರ್ನಾಟಕ ಸರ್ಕಾರದ ಪರವಾಗಿ ಈ ಕೆಳಕಂಡ ಕಾಮಗಾರಿಗಳಿಗೆ ಅರ್ಹ ಗುತ್ತಿಗೆದಾರರಿಂದ ಇ-ಪ್ರೊಕ್ಯೂರ್‌ಮೆಂಟ್ ಮುಖಾಂತರ ಟೆಂಡರ್‌ಗಳನ್ನು ಆಹ್ವಾನಿಸಲಾಗಿದೆ. ಟೆಂಡರ್ ದಾಖಲೆಗಳನ್ನು ಪೋರ್ಟಲ್‌ನಿಂದ ಪಡೆಯಬಹುದಾಗಿದೆ. ಬಿಡ್‌ಗಳನ್ನು ಸಲ್ಲಿಸಲು ಕೊನೆಯ ದಿನಾಂಕ ಮತ್ತು ಸಮಯವನ್ನು ಪೋರ್ಟಲ್‌ನಲ್ಲಿ ಪ್ರಕಟಿಸಲಾಗಿದೆ. ತಾಂತ್ರಿಕ ಬಿಡ್ ತೆರೆಯುವ ದಿನಾಂಕ ಹಾಗೂ ಆರ್ಥಿಕ ಬಿಡ್ ತೆರೆಯುವ ದಿನಾಂಕಗಳನ್ನು ನಂತರ ತಿಳಿಸಲಾಗುವುದು. ಹೆಚ್ಚಿನ ಮಾಹಿತಿಗಾಗಿ ಕಛೇರಿಯ ಕೆಲಸದ ವೇಳೆಯಲ್ಲಿ ಸಂಪರ್ಕಿಸಬಹುದಾಗಿದೆ.
ಸಹಿ/- ಕಾರ್ಯಪಾಲಕ ಅಭಿಯಂತರರು ಬೆಳಗಾವಿ ನಗರಾಭಿವೃದ್ಧಿ ಪ್ರಾಧಿಕಾರ, ಬೆಳಗಾವಿ.
ಸಹಿ/- ಆಯುಕ್ತರು ಬೆಳಗಾವಿ ನಗರಾಭಿವೃದ್ಧಿ ಪ್ರಾಧಿಕಾರ, ಬೆಳಗಾವಿ.
ಜಿಲ್ಲಾಧಿಕಾರಿಗಳ ಕಾರ್ಯಾಲಯ, ಚಿಕ್ಕಬಳ್ಳಾಪುರ ಜಿಲ್ಲೆ, ಚಿಕ್ಕಬಳ್ಳಾಪುರ
(ಜಿಲ್ಲಾ ನಗರಾಭಿವೃದ್ಧಿ ಕೋಶ, ಚಿಕ್ಕಬಳ್ಳಾಪುರ)
Ph: 08156-277005, E-Mail: pdchikkaballapur@gmail.com
ಸಂಖ್ಯೆ: ಜನಕೋ/ಚಿ/(1)/ಇ-ನಗರೋತ್ಥಾನ ಹಂತ-4/11/2025-26	ದಿನಾಂಕ: 17.07.2025
ಟೆಂಡರ್ ಅಧಿಸೂಚನೆ
ಟೆಂಡರ್‌ದಾರರು ಇ-ಪ್ರೊಕ್ಯೂರ್‌ಮೆಂಟ್ ಪೋರ್ಟಲ್‌ನಲ್ಲಿ ನೋಂದಣಿ ಮಾಡಿಕೊಂಡಿರಬೇಕು. ಇ.ಎಂ.ಡಿ. ಮತ್ತು ಟೆಂಡರ್ ಶುಲ್ಕವನ್ನು ಆನ್‌ಲೈನ್ ಮೂಲಕವೇ ಪಾವತಿಸತಕ್ಕದ್ದು. ಯಾವುದೇ ಕಾರಣ ನೀಡದೆ ಟೆಂಡರ್ ರದ್ದುಪಡಿಸುವ ಅಥವಾ ತಿರಸ್ಕರಿಸುವ ಹಕ್ಕನ್ನು ಸಕ್ಷಮ ಪ್ರಾಧಿಕಾರ ಕಾಯ್ದಿರಿಸಿದೆ. ನಿಗದಿತ ಅವಧಿಯ ನಂತರ ಬಂದ ಬಿಡ್‌ಗಳನ್ನು ಪರಿಗಣಿಸಲಾಗುವುದಿಲ್ಲ.
ಕ್ರ. ಸಂ	ಕಾಮಗಾರಿಯ ವಿವರ	ಅಂದಾಜು ಮೊತ್ತ (ರೂ. ಲಕ್ಷಗಳಲ್ಲಿ)	ಟೆಂಡರ್ ಗೊಳ್ಳುವ ಮೊತ್ತ (ರೂ. ಲಕ್ಷಗಳಲ್ಲಿ)	ಗುತ್ತಿಗೆ ಅವಧಿ
1	ಕರ್ನಾಟಕ ಸರ್ಕಾರದ ಪರವಾಗಿ ಈ ಕೆಳಕಂಡ ಕಾಮಗಾರಿಗಳಿಗೆ ಅರ್ಹ ಗುತ್ತಿಗೆದಾರರಿಂದ ಇ-ಪ್ರೊಕ್ಯೂರ್‌ಮೆಂಟ್ ಮುಖಾಂತರ ಟೆಂಡರ್‌ಗಳನ್ನು ಆಹ್ವಾನಿಸಲಾಗಿದೆ. ಟೆಂಡರ್ ದಾಖಲೆಗಳನ್ನು ಪೋರ್ಟಲ್‌ನಿಂದ ಪಡೆಯಬಹುದಾಗಿದೆ. ಬಿಡ್‌ಗಳನ್ನು ಸಲ್ಲಿಸಲು ಕೊನೆಯ ದಿನಾಂಕ ಮತ್ತು ಸಮಯವನ್ನು ಪೋರ್ಟಲ್‌ನಲ್ಲಿ ಪ್ರಕಟಿಸಲಾಗಿದೆ. ತಾಂತ್ರಿಕ ಬಿಡ್ ತೆರೆಯುವ ದಿನಾಂಕ ಹಾಗೂ ಆರ್ಥಿಕ ಬಿಡ್ ತೆರೆಯುವ ದಿನಾಂಕಗಳನ್ನು ನಂತರ ತಿಳಿಸಲಾಗುವುದು. ಹೆಚ್ಚಿನ ಮಾಹಿತಿಗಾಗಿ ಕಛೇರಿಯ ಕೆಲಸದ ವೇಳೆಯಲ್ಲಿ ಸಂಪರ್ಕಿಸಬಹುದಾಗಿದೆ.
DMA/2025-26/BD/WORK_INDENT40653	151.46	127.94	9 months
ಕರ್ನಾಟಕ ಸರ್ಕಾರದ ಪರವಾಗಿ ಈ ಕೆಳಕಂಡ ಕಾಮಗಾರಿಗಳಿಗೆ ಅರ್ಹ ಗುತ್ತಿಗೆದಾರರಿಂದ ಇ-ಪ್ರೊಕ್ಯೂರ್‌ಮೆಂಟ್ ಮುಖಾಂತರ ಟೆಂಡರ್‌ಗಳನ್ನು ಆಹ್ವಾನಿಸಲಾಗಿದೆ. ಟೆಂಡರ್ ದಾಖಲೆಗಳನ್ನು ಪೋರ್ಟಲ್‌ನಿಂದ ಪಡೆಯಬಹುದಾಗಿದೆ. ಬಿಡ್‌ಗಳನ್ನು ಸಲ್ಲಿಸಲು ಕೊನೆಯ ದಿನಾಂಕ ಮತ್ತು ಸಮಯವನ್ನು ಪೋರ್ಟಲ್‌ನಲ್ಲಿ ಪ್ರಕಟಿಸಲಾಗಿದೆ. ತಾಂತ್ರಿಕ ಬಿಡ್ ತೆರೆಯುವ ದಿನಾಂಕ ಹಾಗೂ ಆರ್ಥಿಕ ಬಿಡ್ ತೆರೆಯುವ ದಿನಾಂಕಗಳನ್ನು ನಂತರ ತಿಳಿಸಲಾಗುವುದು. ಹೆಚ್ಚಿನ ಮಾಹಿತಿಗಾಗಿ ಕಛೇರಿಯ ಕೆಲಸದ ವೇಳೆಯಲ್ಲಿ ಸಂಪರ್ಕಿಸಬಹುದಾಗಿದೆ.
https://kppp.karnataka.gov.in/
ಟೆಂಡರ್‌ದಾರರು ಇ-ಪ್ರೊಕ್ಯೂರ್‌ಮೆಂಟ್ ಪೋರ್ಟಲ್‌ನಲ್ಲಿ ನೋಂದಣಿ ಮಾಡಿಕೊಂಡಿರಬೇಕು. ಇ.ಎಂ.ಡಿ. ಮತ್ತು ಟೆಂಡರ್ ಶುಲ್ಕವನ್ನು ಆನ್‌ಲೈನ್ ಮೂಲಕವೇ ಪಾವತಿಸತಕ್ಕದ್ದು. ಯಾವುದೇ ಕಾರಣ ನೀಡದೆ ಟೆಂಡರ್ ರದ್ದುಪಡಿಸುವ ಅಥವಾ ತಿರಸ್ಕರಿಸುವ ಹಕ್ಕನ್ನು ಸಕ್ಷಮ ಪ್ರಾಧಿಕಾರ ಕಾಯ್ದಿರಿಸಿದೆ. ನಿಗದಿತ ಅವಧಿಯ ನಂತರ ಬಂದ ಬಿಡ್‌ಗಳನ್ನು ಪರಿಗಣಿಸಲಾಗುವುದಿಲ್ಲ.
ಕರ್ನಾಟಕ ಸರ್ಕಾರದ ಪರವಾಗಿ ಈ ಕೆಳಕಂಡ ಕಾಮಗಾರಿಗಳಿಗೆ ಅರ್ಹ ಗುತ್ತಿಗೆದಾರರಿಂದ ಇ-ಪ್ರೊಕ್ಯೂರ್‌ಮೆಂಟ್ ಮುಖಾಂತರ ಟೆಂಡರ್‌ಗಳನ್ನು ಆಹ್ವಾನಿಸಲಾಗಿದೆ. ಟೆಂಡರ್ ದಾಖಲೆಗಳನ್ನು ಪೋರ್ಟಲ್‌ನಿಂದ ಪಡೆಯಬಹುದಾಗಿದೆ. ಬಿಡ್‌ಗಳನ್ನು ಸಲ್ಲಿಸಲು ಕೊನೆಯ ದಿನಾಂಕ ಮತ್ತು ಸಮಯವನ್ನು ಪೋರ್ಟಲ್‌ನಲ್ಲಿ ಪ್ರಕಟಿಸಲಾಗಿದೆ. ತಾಂತ್ರಿಕ ಬಿಡ್ ತೆರೆಯುವ ದಿನಾಂಕ ಹಾಗೂ ಆರ್ಥಿಕ ಬಿಡ್ ತೆರೆಯುವ ದಿನಾಂಕಗಳನ್ನು ನಂತರ ತಿಳಿಸಲಾಗುವುದು. ಹೆಚ್ಚಿನ ಮಾಹಿತಿಗಾಗಿ ಕಛೇರಿಯ ಕೆಲಸದ ವೇಳೆಯಲ್ಲಿ ಸಂಪರ್ಕಿಸಬಹುದಾಗಿದೆ.
ಟೆಂಡರ್‌ದಾರರು ಇ-ಪ್ರೊಕ್ಯೂರ್‌ಮೆಂಟ್ ಪೋರ್ಟಲ್‌ನಲ್ಲಿ ನೋಂದಣಿ ಮಾಡಿಕೊಂಡಿರಬೇಕು. ಇ.ಎಂ.ಡಿ. ಮತ್ತು ಟೆಂಡರ್ ಶುಲ್ಕವನ್ನು ಆನ್‌ಲೈನ್ ಮೂಲಕವೇ ಪಾವತಿಸತಕ್ಕದ್ದು. ಯಾವುದೇ ಕಾರಣ ನೀಡದೆ ಟೆಂಡರ್ ರದ್ದುಪಡಿಸುವ ಅಥವಾ ತಿರಸ್ಕರಿಸುವ ಹಕ್ಕನ್ನು ಸಕ್ಷಮ ಪ್ರಾಧಿಕಾರ ಕಾಯ್ದಿರಿಸಿದೆ. ನಿಗದಿತ ಅವಧಿಯ ನಂತರ ಬಂದ ಬಿಡ್‌ಗಳನ್ನು ಪರಿಗಣಿಸಲಾಗುವುದಿಲ್ಲ.
ಸಹಿ/- ಯೋಜನಾ ನಿರ್ದೇಶಕರು, ಜಿಲ್ಲಾ ನಗರಾಭಿವೃದ್ಧಿ ಕೋಶ, ಚಿಕ್ಕಬಳ್ಳಾಪುರ
ವಾ.ಸಾ.ಇ/ಚಿಕ್ಕಬಳ್ಳಾಪುರ/ಜಿ.ಪಂ/137/ಕೆಪಿಪಿ/2025-26
ಮಂಗಳೂರು ಮಹಾನಗರಪಾಲಿಕೆ
MCC/DMA/E Tender-5/2025-26/EE3	ದಿನಾಂಕ: 17.07.2025
ಟೆಂಡರ್ ಪ್ರಕಟಣೆ
E-PROCUREMENT OF KARNATAKA
ಟೆಂಡರ್‌ದಾರರು ಇ-ಪ್ರೊಕ್ಯೂರ್‌ಮೆಂಟ್ ಪೋರ್ಟಲ್‌ನಲ್ಲಿ ನೋಂದಣಿ ಮಾಡಿಕೊಂಡಿರಬೇಕು. ಇ.ಎಂ.ಡಿ. ಮತ್ತು ಟೆಂಡರ್ ಶುಲ್ಕವನ್ನು ಆನ್‌ಲೈನ್ ಮೂಲಕವೇ ಪಾವತಿಸತಕ್ಕದ್ದು. ಯಾವುದೇ ಕಾರಣ ನೀಡದೆ ಟೆಂಡರ್ ರದ್ದುಪಡಿಸುವ ಅಥವಾ ತಿರಸ್ಕರಿಸುವ ಹಕ್ಕನ್ನು ಸಕ್ಷಮ ಪ್ರಾಧಿಕಾರ ಕಾಯ್ದಿರಿಸಿದೆ. ನಿಗದಿತ ಅವಧಿಯ ನಂತರ ಬಂದ ಬಿಡ್‌ಗಳನ್ನು ಪರಿಗಣಿಸಲಾಗುವುದಿಲ್ಲ.
NO.45363, 45364, 45365, 45357, 45361
DMA/2025-26/ WORK INDENT NO.27413/call-2 27410/call-2
https://kppp.karnataka.gov.in
ಸಹಿ/- ಆಯುಕ್ತರು ಮಂಗಳೂರು ಮಹಾನಗರಪಾಲಿಕೆ
DIPR / MNG/497/ MPL /25-26
ಬಜಪೆ ಪಟ್ಟಣ ಪಂಚಾಯತ್
ಬಜಪೆ ಅಂಚೆ, ಮಂಗಳೂರು ತಾಲೂಕು, ದ.ಕ. ಜಿಲ್ಲೆ - 574 142
ದೂರವಾಣಿ ಸಂಖ್ಯೆ : 0824-2252418	ಈ ಮೇಲ್: cobajpetp@gmail.com
ಸಂಖ್ಯೆ: ಬಪಪಂ / ಟೆಂಡರ್/08 /2025-26	ದಿನಾಂಕ: 16.07.2025
ಟೆಂಡರ್ ಪ್ರಕಟಣೆ (ಇ-ಟೆಂಡರಿಂಗ್ ಮುಖಾಂತರ)
ಕರ್ನಾಟಕ ಸರ್ಕಾರದ ಪರವಾಗಿ ಈ ಕೆಳಕಂಡ ಕಾಮಗಾರಿಗಳಿಗೆ ಅರ್ಹ ಗುತ್ತಿಗೆದಾರರಿಂದ ಇ-ಪ್ರೊಕ್ಯೂರ್‌ಮೆಂಟ್ ಮುಖಾಂತರ ಟೆಂಡರ್‌ಗಳನ್ನು ಆಹ್ವಾನಿಸಲಾಗಿದೆ. ಟೆಂಡರ್ ದಾಖಲೆಗಳನ್ನು ಪೋರ್ಟಲ್‌ನಿಂದ ಪಡೆಯಬಹುದಾಗಿದೆ. ಬಿಡ್‌ಗಳನ್ನು ಸಲ್ಲಿಸಲು ಕೊನೆಯ ದಿನಾಂಕ ಮತ್ತು ಸಮಯವನ್ನು ಪೋರ್ಟಲ್‌ನಲ್ಲಿ ಪ್ರಕಟಿಸಲಾಗಿದೆ. ತಾಂತ್ರಿಕ ಬಿಡ್ ತೆರೆಯುವ ದಿನಾಂಕ ಹಾಗೂ ಆರ್ಥಿಕ ಬಿಡ್ ತೆರೆಯುವ ದಿನಾಂಕಗಳನ್ನು ನಂತರ ತಿಳಿಸಲಾಗುವುದು. ಹೆಚ್ಚಿನ ಮಾಹಿತಿಗಾಗಿ ಕಛೇರಿಯ ಕೆಲಸದ ವೇಳೆಯಲ್ಲಿ ಸಂಪರ್ಕಿಸಬಹುದಾಗಿದೆ.
DMA/2025-26/OW/WORK_INDENT42642/CALL-2
ಟೆಂಡರ್‌ದಾರರು ಇ-ಪ್ರೊಕ್ಯೂರ್‌ಮೆಂಟ್ ಪೋರ್ಟಲ್‌ನಲ್ಲಿ ನೋಂದಣಿ ಮಾಡಿಕೊಂಡಿರಬೇಕು. ಇ.ಎಂ.ಡಿ. ಮತ್ತು ಟೆಂಡರ್ ಶುಲ್ಕವನ್ನು ಆನ್‌ಲೈನ್ ಮೂಲಕವೇ ಪಾವತಿಸತಕ್ಕದ್ದು. ಯಾವುದೇ ಕಾರಣ ನೀಡದೆ ಟೆಂಡರ್ ರದ್ದುಪಡಿಸುವ ಅಥವಾ ತಿರಸ್ಕರಿಸುವ ಹಕ್ಕನ್ನು ಸಕ್ಷಮ ಪ್ರಾಧಿಕಾರ ಕಾಯ್ದಿರಿಸಿದೆ. ನಿಗದಿತ ಅವಧಿಯ ನಂತರ ಬಂದ ಬಿಡ್‌ಗಳನ್ನು ಪರಿಗಣಿಸಲಾಗುವುದಿಲ್ಲ. 31.07.2025 / 01.08.2025
ಸಹಿ/- ಅಧ್ಯಕ್ಷರು ಬಜಪೆ ಪಟ್ಟಣ ಪಂಚಾಯತ್	ಸಹಿ/- ಮುಖ್ಯಾಧಿಕಾರಿ ಬಜಪೆ ಪಟ್ಟಣ ಪಂಚಾಯತ್
DIPR / MNG /494/MPL /25-26
ಕರ್ನಾಟಕ ಸರ್ಕಾರ
ಕಾರ್ಯಪಾಲಕ ಅಭಿಯಂತರರವರ ಕಛೇರಿ, ಲೋಕೋಪಯೋಗಿ ಇಲಾಖೆ, ವಿಶೇಷ ವಿಭಾಗ, ಮೈಸೂರು
ಅಲ್ಪಾವಧಿ ಟೆಂಡರ್ ಪ್ರಕಟಣೆ ಸಂಖ್ಯೆ: 05/2025-26 ದಿನಾಂಕ: 16.07.2025
ಕರ್ನಾಟಕ ಸರ್ಕಾರದ ಪರವಾಗಿ ಈ ಕೆಳಕಂಡ ಕಾಮಗಾರಿಗಳಿಗೆ ಅರ್ಹ ಗುತ್ತಿಗೆದಾರರಿಂದ ಇ-ಪ್ರೊಕ್ಯೂರ್‌ಮೆಂಟ್ ಮುಖಾಂತರ ಟೆಂಡರ್‌ಗಳನ್ನು ಆಹ್ವಾನಿಸಲಾಗಿದೆ. ಟೆಂಡರ್ ದಾಖಲೆಗಳನ್ನು ಪೋರ್ಟಲ್‌ನಿಂದ ಪಡೆಯಬಹುದಾಗಿದೆ. ಬಿಡ್‌ಗಳನ್ನು ಸಲ್ಲಿಸಲು ಕೊನೆಯ ದಿನಾಂಕ ಮತ್ತು ಸಮಯವನ್ನು ಪೋರ್ಟಲ್‌ನಲ್ಲಿ ಪ್ರಕಟಿಸಲಾಗಿದೆ. ತಾಂತ್ರಿಕ ಬಿಡ್ ತೆರೆಯುವ ದಿನಾಂಕ ಹಾಗೂ ಆರ್ಥಿಕ ಬಿಡ್ ತೆರೆಯುವ ದಿನಾಂಕಗಳನ್ನು ನಂತರ ತಿಳಿಸಲಾಗುವುದು. ಹೆಚ್ಚಿನ ಮಾಹಿತಿಗಾಗಿ ಕಛೇರಿಯ ಕೆಲಸದ ವೇಳೆಯಲ್ಲಿ ಸಂಪರ್ಕಿಸಬಹುದಾಗಿದೆ.
(http://KPPP.karnataka.gov.in)
ಟೆಂಡರ್‌ದಾರರು ಇ-ಪ್ರೊಕ್ಯೂರ್‌ಮೆಂಟ್ ಪೋರ್ಟಲ್‌ನಲ್ಲಿ ನೋಂದಣಿ ಮಾಡಿಕೊಂಡಿರಬೇಕು. ಇ.ಎಂ.ಡಿ. ಮತ್ತು ಟೆಂಡರ್ ಶುಲ್ಕವನ್ನು ಆನ್‌ಲೈನ್ ಮೂಲಕವೇ ಪಾವತಿಸತಕ್ಕದ್ದು. ಯಾವುದೇ ಕಾರಣ ನೀಡದೆ ಟೆಂಡರ್ ರದ್ದುಪಡಿಸುವ ಅಥವಾ ತಿರಸ್ಕರಿಸುವ ಹಕ್ಕನ್ನು ಸಕ್ಷಮ ಪ್ರಾಧಿಕಾರ ಕಾಯ್ದಿರಿಸಿದೆ. ನಿಗದಿತ ಅವಧಿಯ ನಂತರ ಬಂದ ಬಿಡ್‌ಗಳನ್ನು ಪರಿಗಣಿಸಲಾಗುವುದಿಲ್ಲ.
ಕರ್ನಾಟಕ ಸರ್ಕಾರದ ಪರವಾಗಿ ಈ ಕೆಳಕಂಡ ಕಾಮಗಾರಿಗಳಿಗೆ ಅರ್ಹ ಗುತ್ತಿಗೆದಾರರಿಂದ ಇ-ಪ್ರೊಕ್ಯೂರ್‌ಮೆಂಟ್ ಮುಖಾಂತರ ಟೆಂಡರ್‌ಗಳನ್ನು ಆಹ್ವಾನಿಸಲಾಗಿದೆ. ಟೆಂಡರ್ ದಾಖಲೆಗಳನ್ನು ಪೋರ್ಟಲ್‌ನಿಂದ ಪಡೆಯಬಹುದಾಗಿದೆ. ಬಿಡ್‌ಗಳನ್ನು ಸಲ್ಲಿಸಲು ಕೊನೆಯ ದಿನಾಂಕ ಮತ್ತು ಸಮಯವನ್ನು ಪೋರ್ಟಲ್‌ನಲ್ಲಿ ಪ್ರಕಟಿಸಲಾಗಿದೆ. ತಾಂತ್ರಿಕ ಬಿಡ್ ತೆರೆಯುವ ದಿನಾಂಕ ಹಾಗೂ ಆರ್ಥಿಕ ಬಿಡ್ ತೆರೆಯುವ ದಿನಾಂಕಗಳನ್ನು ನಂತರ ತಿಳಿಸಲಾಗುವುದು. ಹೆಚ್ಚಿನ ಮಾಹಿತಿಗಾಗಿ ಕಛೇರಿಯ ಕೆಲಸದ ವೇಳೆಯಲ್ಲಿ ಸಂಪರ್ಕಿಸಬಹುದಾಗಿದೆ.
ಸಹಿ/- ಕಾರ್ಯಪಾಲಕ ಇಂಜಿನಿಯರ್, ಲೋಕೋಪಯೋಗಿ ಇಲಾಖೆ, ವಿಶೇಷ ವಿಭಾಗ, ನಜರಬಾದ್, ಮೈಸೂರು.
DIPR/MDMYS/650/SMCA/372/2025-26
ಕೇರಳ ರಾಜ್ಯ ಲಾಟರಿ ಫಲಿತಾಂಶ ವಿವರ ಪ್ರಕಟ
ತಿರುವನಂತಪುರಂ: ಕೇರಳ ರಾಜ್ಯ ಲಾಟರಿಯ ಸುವರ್ಣ ಕೇರಳ (ನಂ.SK-12) ಡ್ರಾ ಜುಲೈ 18ರಂದು ತಿರುವನಂತಪುರದಲ್ಲಿ ನಡೆಯಿತು. ಇದರ ಫಲಿತಾಂಶ ಈ ಕೆಳಗಿನಂತಿದೆ.
1st Prize Rs.1,00,00,000/- [1 Crore]
RU 634706 (MALAPPURAM)
Consolation Prize Rs.5,000/-
RA 634706 RB 634706 RC 634706 RD 634706 RE 634706 RF 634706 RG 634706 RH 634706 RJ 634706 RK 634706 RL 634706 RM 634706 RN 634706 RO 634706 RP 634706 RR 634706 RS 634706 RT 634706 RV 634706 RW 634706 RX 634706 RY 634706 RZ 634706
2nd Prize Rs.30,00,000/- [30 Lakhs]
RW 595453 (KOLLAM)
3rd Prize Rs.5,00,000/- [5 Lakhs]
RY 376814 (KOTTAYAM)
FOR THE TICKETS ENDING WITH THE FOLLOWING NUMBERS
4th Prize Rs.5,000/-
0080 0088 0624 1982 2032 2789 4629 4932 5566 6140 6260 6407 6496 6747 6789 8392 8412 9646 9790 9864
5th Prize Rs.2,000/-
0137 2002 6872 8139 8238 9880
6th Prize Rs.1,000/-
0102 0340 1093 1379 1390 1920 2307 2467 2502 2925 3129 4192 4333 4713 4837 5222 6124 6165 6654 6745 7013 7385 7468 7400 7829 7904 8000 8323 8827 9005 9087 9132 9306 9371 9388 9496
7th Prize Rs.500/-
0021 0035 0039 0376 0389 0529 0544 0927 1007 1109 1318 1334 1350 1513 1563 1643 1742 1775 1815 2052 2087 2213 2219 2250 2465 2723 3229 3495 3549 3566 3724 3761 3853 3856 4103 4119 4309 4574 4852 4923 5400 5620 5673 6244 6465 6497 6777 6850 6894 7088 7145 7186 7235 7284 7299 7336 7425 7430 7456 7480 7633 7801 8131 8442 8502 8661 8767 8870 8933 9016 9021 9235 9241 9298 9994
8th Prize Rs.200/-
0015 0047 0096 0185 0438 0800 1018 1031 1181 1254 1275 1280 1345 1410 1470 1651 2354 2539 2585 2653 2898 2984 2998 3030 3096 3130 3308 3540 3594 3686 3935 3952 3988 4167 4234 4456 4968 5008 5126 5178 5232 5255 5327 5377 5447 5630 5702 5774 5938 6205 6256 6462 6564 6711 6726 7162 7185 7211 7262 7451 7571 7585 7621 7849 7857 7964 8009 8174 8176 8177 8400 8479 8763 8782 8804 8879 8903 8920 9009 9027 9045 9180 9190 9369 9409 9613 9673 9729 9736 9850
9th Prize Rs.100/-
0042 0113 0221 0290 0319 0380 0403 0484 0495 0498 0556 0618 0625 0699 0703 0808 0844 0985 1204 1218 1380 1413 1424 1659 1692 1727 1751 1915 1999 2017 2028 2184 2296 2427 2508 2657 2664 2783 3126 3270 3024 3043 3181 3397 3409 3572 3578 3638 3641 3894 3976 4001 4238 4276 4306 4307 4441 4581 4686 4763 4926 5013 5056 5092 5115 5196 5200 5298 5322 5461 5487 5495 5586 5600 5636 5679 5725 5853 5940 5949 5959 5963 6001 6015 6059 6219 6220 6328 6347 6389 6411 6437 6487 6540 6611 6703 6823 6851 6910 6940 7002 7080 7105 7203 7334 7511 7566 7626 7668 7679 7714 7788 7802 7831 7854 7924 7941 8051 8055 8111 8130 8141 8164 8191 8283 8429 8594 8739 8799 8858 8866 8890 9175 9180 9233 9292 9322 9346 9389 9486 9720 9828 9913 9974
